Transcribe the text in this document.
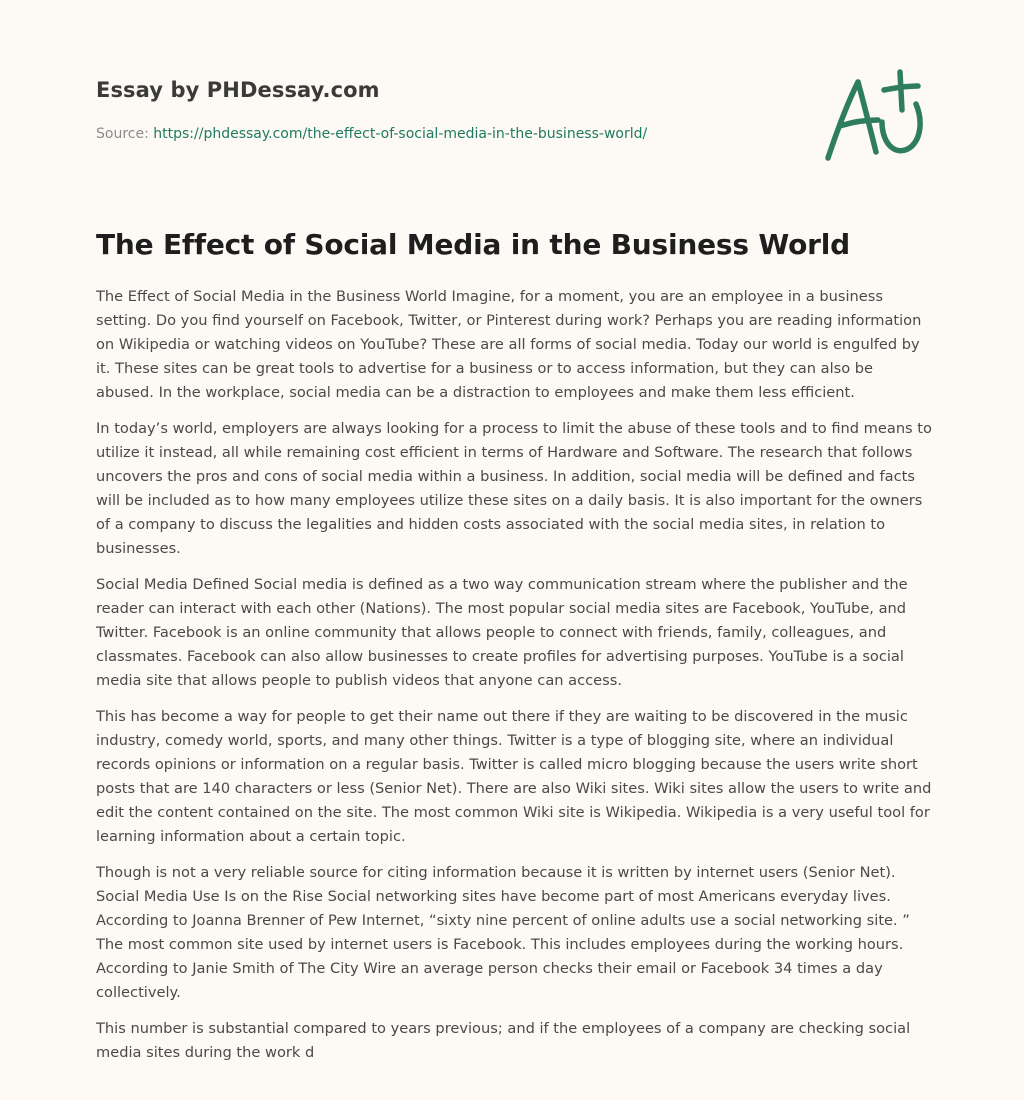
Essay by PHDessay.com
Source: https://phdessay.com/the-effect-of-social-media-in-the-business-world/
The Effect of Social Media in the Business World

The Effect of Social Media in the Business World Imagine, for a moment, you are an employee in a business setting. Do you find yourself on Facebook, Twitter, or Pinterest during work? Perhaps you are reading information on Wikipedia or watching videos on YouTube? These are all forms of social media. Today our world is engulfed by it. These sites can be great tools to advertise for a business or to access information, but they can also be abused. In the workplace, social media can be a distraction to employees and make them less efficient.

In today’s world, employers are always looking for a process to limit the abuse of these tools and to find means to utilize it instead, all while remaining cost efficient in terms of Hardware and Software. The research that follows uncovers the pros and cons of social media within a business. In addition, social media will be defined and facts will be included as to how many employees utilize these sites on a daily basis. It is also important for the owners of a company to discuss the legalities and hidden costs associated with the social media sites, in relation to businesses.

Social Media Defined Social media is defined as a two way communication stream where the publisher and the reader can interact with each other (Nations). The most popular social media sites are Facebook, YouTube, and Twitter. Facebook is an online community that allows people to connect with friends, family, colleagues, and classmates. Facebook can also allow businesses to create profiles for advertising purposes. YouTube is a social media site that allows people to publish videos that anyone can access.

This has become a way for people to get their name out there if they are waiting to be discovered in the music industry, comedy world, sports, and many other things. Twitter is a type of blogging site, where an individual records opinions or information on a regular basis. Twitter is called micro blogging because the users write short posts that are 140 characters or less (Senior Net). There are also Wiki sites. Wiki sites allow the users to write and edit the content contained on the site. The most common Wiki site is Wikipedia. Wikipedia is a very useful tool for learning information about a certain topic.

Though is not a very reliable source for citing information because it is written by internet users (Senior Net). Social Media Use Is on the Rise Social networking sites have become part of most Americans everyday lives. According to Joanna Brenner of Pew Internet, “sixty nine percent of online adults use a social networking site. ” The most common site used by internet users is Facebook. This includes employees during the working hours. According to Janie Smith of The City Wire an average person checks their email or Facebook 34 times a day collectively.

This number is substantial compared to years previous; and if the employees of a company are checking social media sites during the work d
